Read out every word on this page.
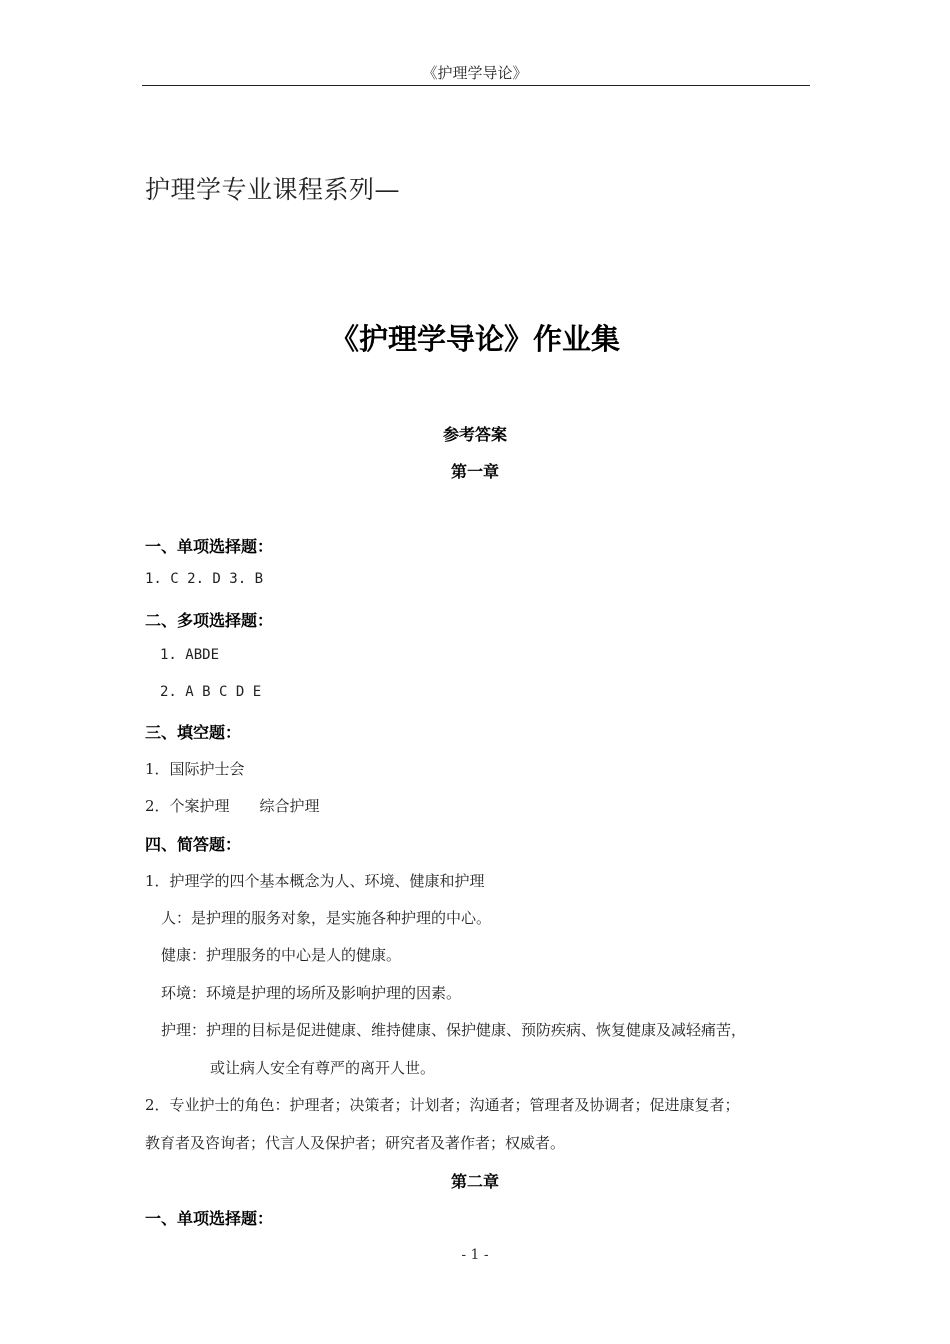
《护理学导论》
护理学专业课程系列—
《护理学导论》作业集
参考答案
第一章
一、单项选择题：
1. C 2. D 3. B
二、多项选择题：
1. ABDE
2. A B C D E
三、填空题：
1．国际护士会
2．个案护理　　综合护理
四、简答题：
1．护理学的四个基本概念为人、环境、健康和护理
人：是护理的服务对象，是实施各种护理的中心。
健康：护理服务的中心是人的健康。
环境：环境是护理的场所及影响护理的因素。
护理：护理的目标是促进健康、维持健康、保护健康、预防疾病、恢复健康及减轻痛苦，
或让病人安全有尊严的离开人世。
2．专业护士的角色：护理者；决策者；计划者；沟通者；管理者及协调者；促进康复者；
教育者及咨询者；代言人及保护者；研究者及著作者；权威者。
第二章
一、单项选择题：
- 1 -
